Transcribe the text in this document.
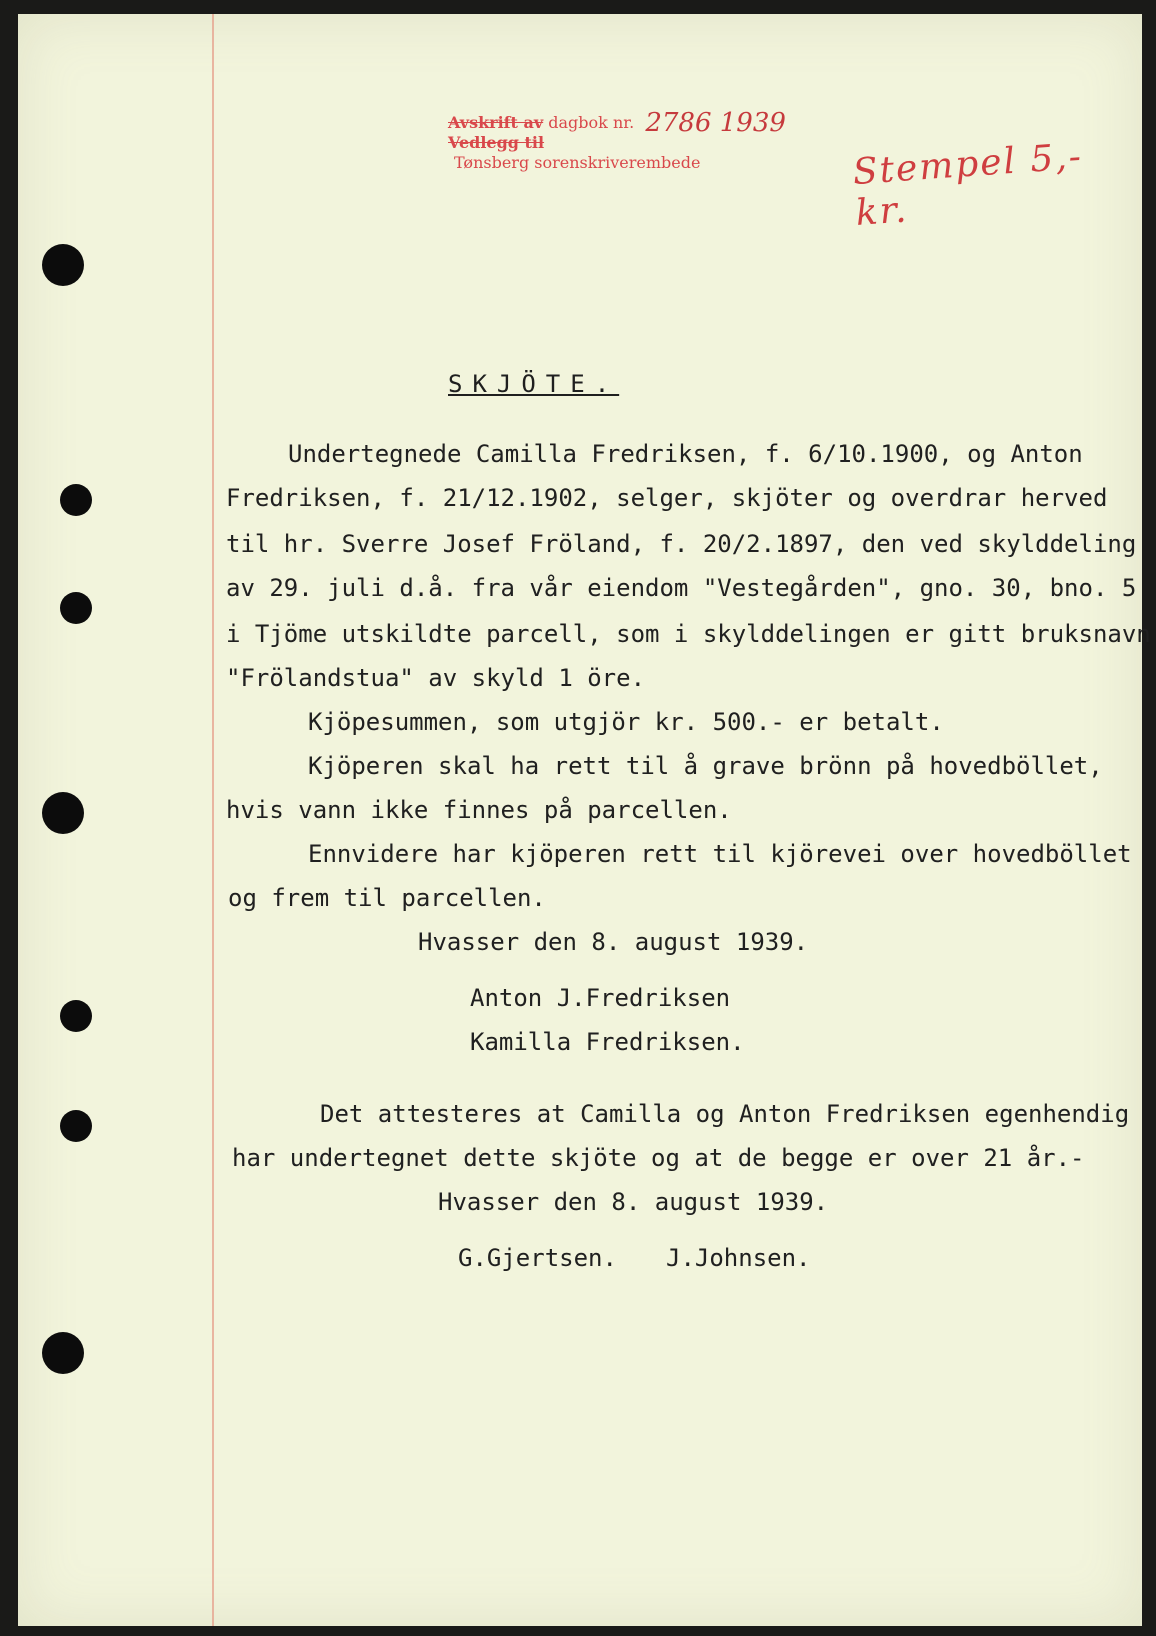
Avskrift av dagbok nr. 2786 1939
Vedlegg til
Tønsberg sorenskriverembede	Stempel 5,- kr.
SKJÖTE.
Undertegnede Camilla Fredriksen, f. 6/10.1900, og Anton
Fredriksen, f. 21/12.1902, selger, skjöter og overdrar herved
til hr. Sverre Josef Fröland, f. 20/2.1897, den ved skylddeling
av 29. juli d.å. fra vår eiendom "Vestegården", gno. 30, bno. 5
i Tjöme utskildte parcell, som i skylddelingen er gitt bruksnavn
"Frölandstua" av skyld 1 öre.
Kjöpesummen, som utgjör kr. 500.- er betalt.
Kjöperen skal ha rett til å grave brönn på hovedböllet,
hvis vann ikke finnes på parcellen.
Ennvidere har kjöperen rett til kjörevei over hovedböllet
og frem til parcellen.
Hvasser den 8. august 1939.
Anton J.Fredriksen
Kamilla Fredriksen.
Det attesteres at Camilla og Anton Fredriksen egenhendig
har undertegnet dette skjöte og at de begge er over 21 år.-
Hvasser den 8. august 1939.
G.Gjertsen. J.Johnsen.
